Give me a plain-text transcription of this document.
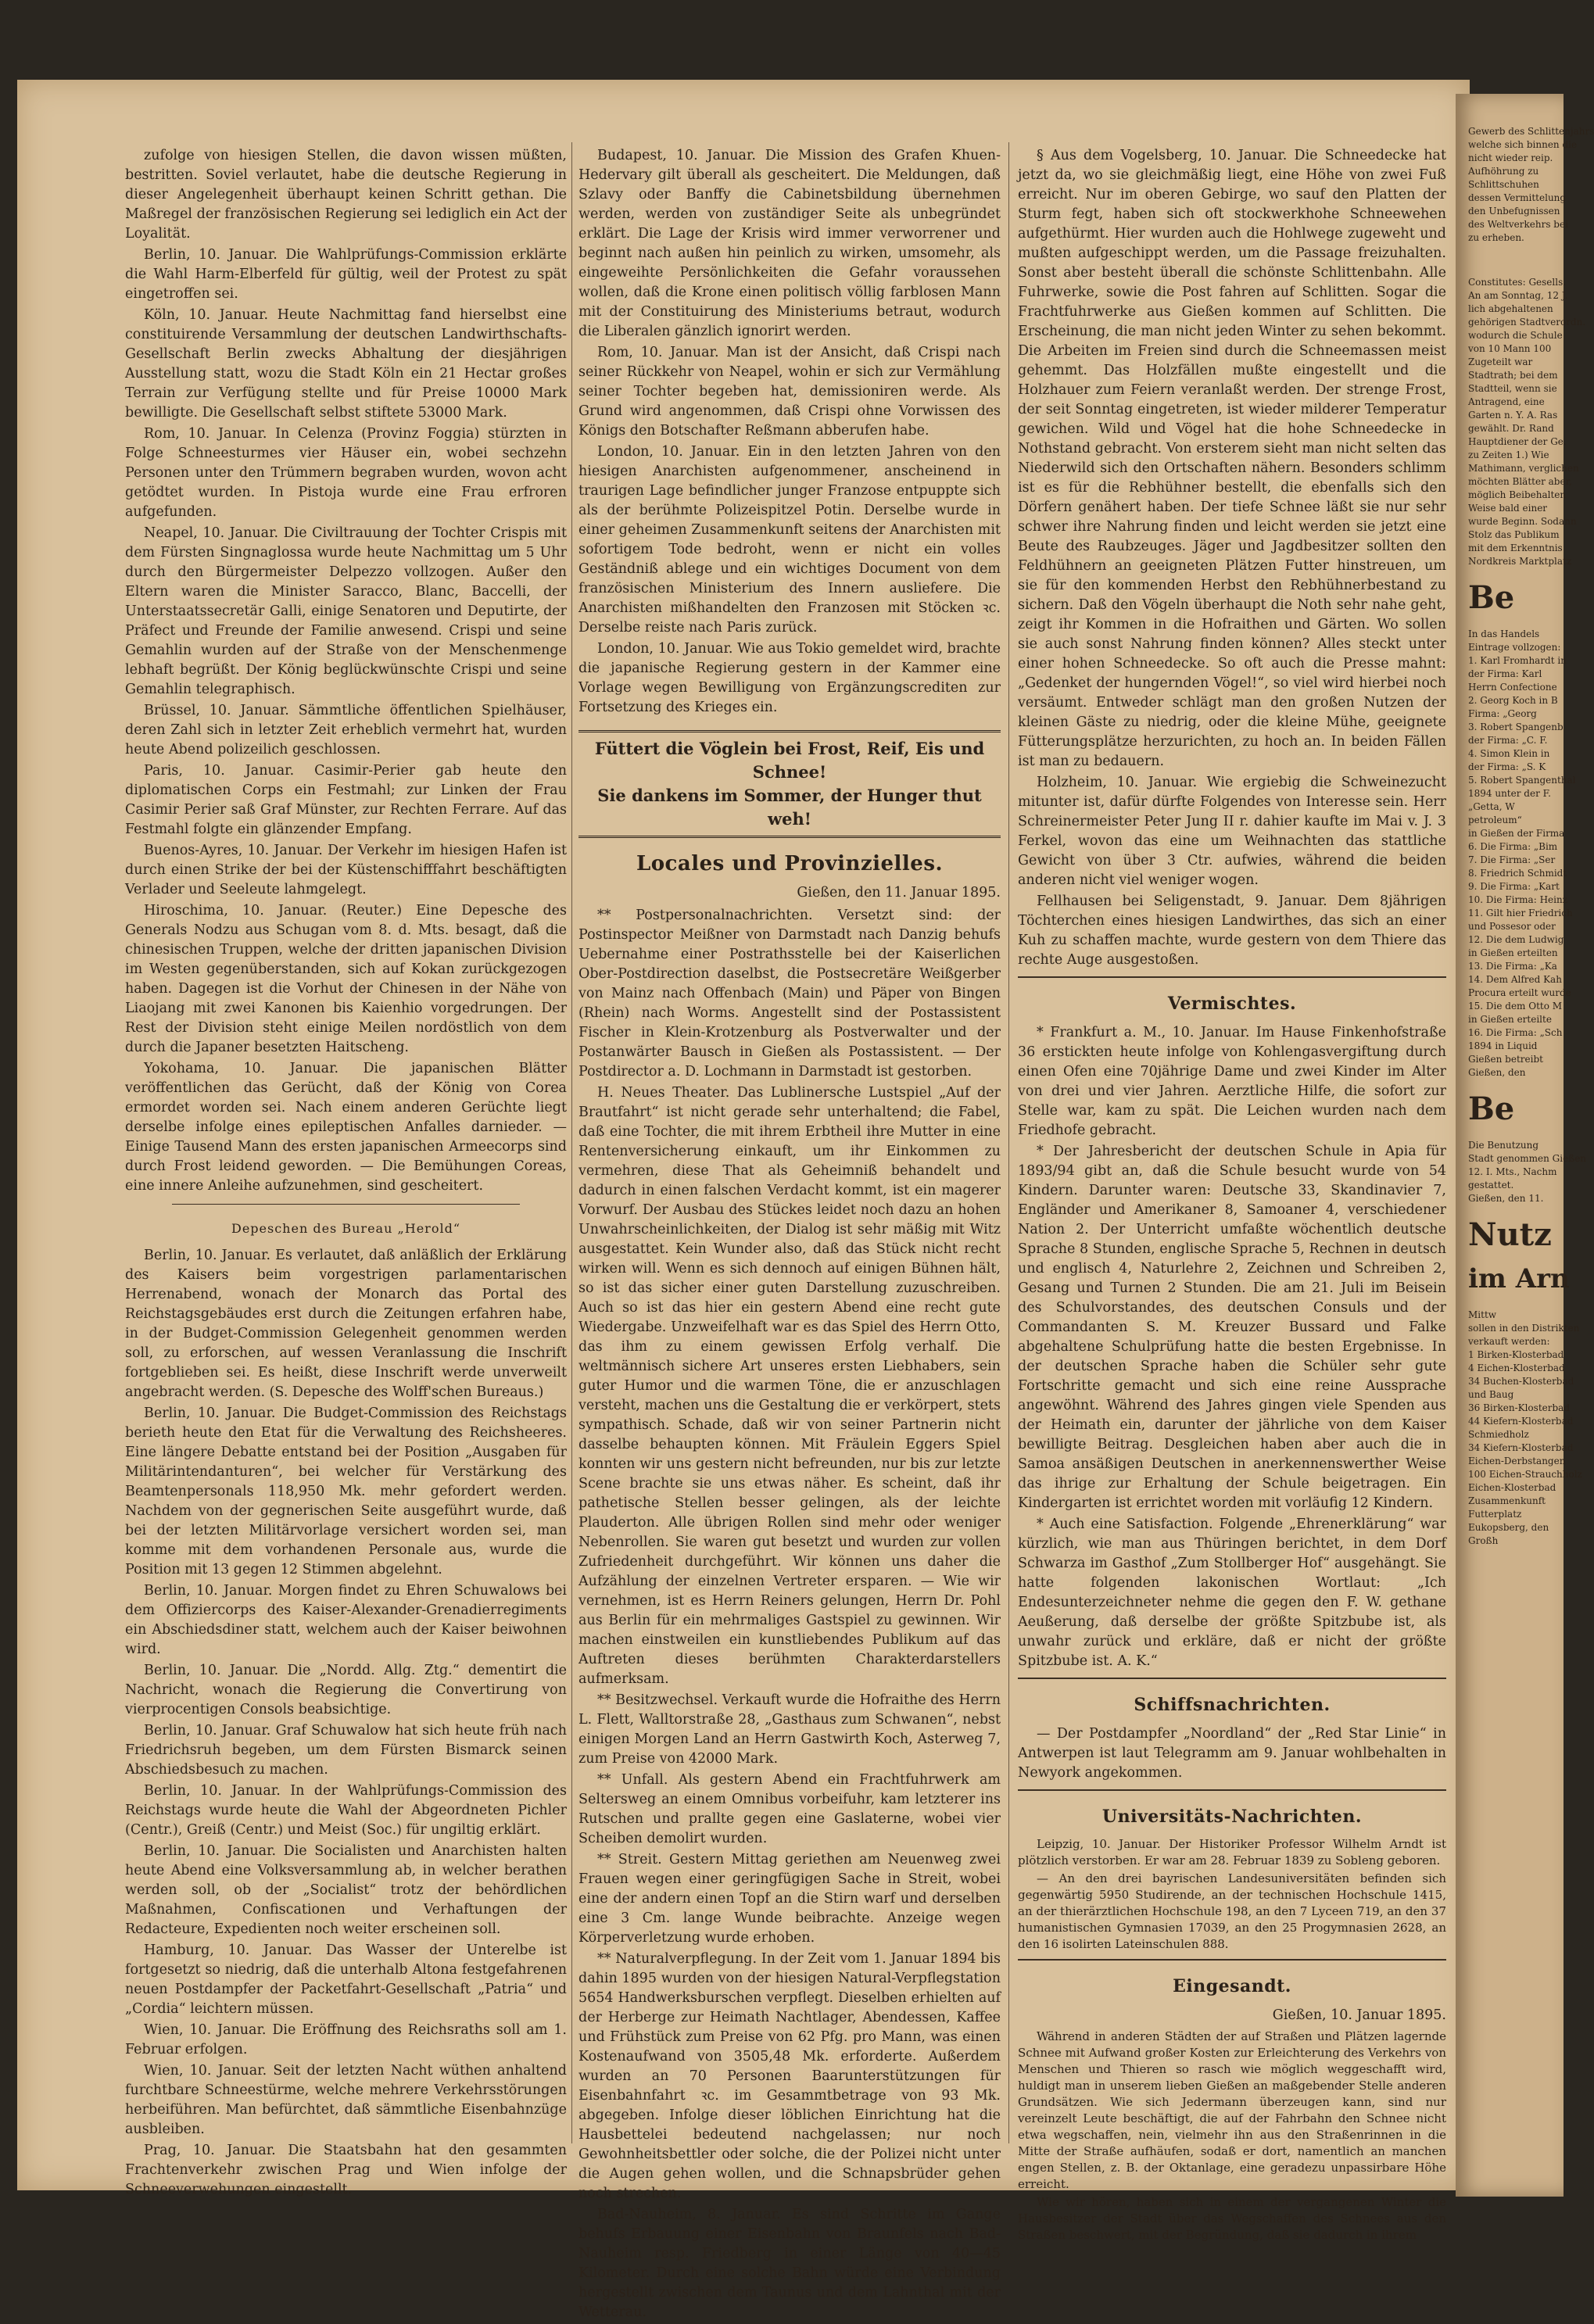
zufolge von hiesigen Stellen, die davon wissen müßten, bestritten. Soviel verlautet, habe die deutsche Regierung in dieser Angelegenheit überhaupt keinen Schritt gethan. Die Maßregel der französischen Regierung sei lediglich ein Act der Loyalität.

Berlin, 10. Januar. Die Wahlprüfungs-Commission erklärte die Wahl Harm-Elberfeld für gültig, weil der Protest zu spät eingetroffen sei.

Köln, 10. Januar. Heute Nachmittag fand hierselbst eine constituirende Versammlung der deutschen Landwirthschafts-Gesellschaft Berlin zwecks Abhaltung der diesjährigen Ausstellung statt, wozu die Stadt Köln ein 21 Hectar großes Terrain zur Verfügung stellte und für Preise 10000 Mark bewilligte. Die Gesellschaft selbst stiftete 53000 Mark.

Rom, 10. Januar. In Celenza (Provinz Foggia) stürzten in Folge Schneesturmes vier Häuser ein, wobei sechzehn Personen unter den Trümmern begraben wurden, wovon acht getödtet wurden. In Pistoja wurde eine Frau erfroren aufgefunden.

Neapel, 10. Januar. Die Civiltrauung der Tochter Crispis mit dem Fürsten Singnaglossa wurde heute Nachmittag um 5 Uhr durch den Bürgermeister Delpezzo vollzogen. Außer den Eltern waren die Minister Saracco, Blanc, Baccelli, der Unterstaatssecretär Galli, einige Senatoren und Deputirte, der Präfect und Freunde der Familie anwesend. Crispi und seine Gemahlin wurden auf der Straße von der Menschenmenge lebhaft begrüßt. Der König beglückwünschte Crispi und seine Gemahlin telegraphisch.

Brüssel, 10. Januar. Sämmtliche öffentlichen Spielhäuser, deren Zahl sich in letzter Zeit erheblich vermehrt hat, wurden heute Abend polizeilich geschlossen.

Paris, 10. Januar. Casimir-Perier gab heute den diplomatischen Corps ein Festmahl; zur Linken der Frau Casimir Perier saß Graf Münster, zur Rechten Ferrare. Auf das Festmahl folgte ein glänzender Empfang.

Buenos-Ayres, 10. Januar. Der Verkehr im hiesigen Hafen ist durch einen Strike der bei der Küstenschifffahrt beschäftigten Verlader und Seeleute lahmgelegt.

Hiroschima, 10. Januar. (Reuter.) Eine Depesche des Generals Nodzu aus Schugan vom 8. d. Mts. besagt, daß die chinesischen Truppen, welche der dritten japanischen Division im Westen gegenüberstanden, sich auf Kokan zurückgezogen haben. Dagegen ist die Vorhut der Chinesen in der Nähe von Liaojang mit zwei Kanonen bis Kaienhio vorgedrungen. Der Rest der Division steht einige Meilen nordöstlich von dem durch die Japaner besetzten Haitscheng.

Yokohama, 10. Januar. Die japanischen Blätter veröffentlichen das Gerücht, daß der König von Corea ermordet worden sei. Nach einem anderen Gerüchte liegt derselbe infolge eines epileptischen Anfalles darnieder. — Einige Tausend Mann des ersten japanischen Armeecorps sind durch Frost leidend geworden. — Die Bemühungen Coreas, eine innere Anleihe aufzunehmen, sind gescheitert.

Depeschen des Bureau „Herold“

Berlin, 10. Januar. Es verlautet, daß anläßlich der Erklärung des Kaisers beim vorgestrigen parlamentarischen Herrenabend, wonach der Monarch das Portal des Reichstagsgebäudes erst durch die Zeitungen erfahren habe, in der Budget-Commission Gelegenheit genommen werden soll, zu erforschen, auf wessen Veranlassung die Inschrift fortgeblieben sei. Es heißt, diese Inschrift werde unverweilt angebracht werden. (S. Depesche des Wolff'schen Bureaus.)

Berlin, 10. Januar. Die Budget-Commission des Reichstags berieth heute den Etat für die Verwaltung des Reichsheeres. Eine längere Debatte entstand bei der Position „Ausgaben für Militärintendanturen“, bei welcher für Verstärkung des Beamtenpersonals 118,950 Mk. mehr gefordert werden. Nachdem von der gegnerischen Seite ausgeführt wurde, daß bei der letzten Militärvorlage versichert worden sei, man komme mit dem vorhandenen Personale aus, wurde die Position mit 13 gegen 12 Stimmen abgelehnt.

Berlin, 10. Januar. Morgen findet zu Ehren Schuwalows bei dem Offiziercorps des Kaiser-Alexander-Grenadierregiments ein Abschiedsdiner statt, welchem auch der Kaiser beiwohnen wird.

Berlin, 10. Januar. Die „Nordd. Allg. Ztg.“ dementirt die Nachricht, wonach die Regierung die Convertirung von vierprocentigen Consols beabsichtige.

Berlin, 10. Januar. Graf Schuwalow hat sich heute früh nach Friedrichsruh begeben, um dem Fürsten Bismarck seinen Abschiedsbesuch zu machen.

Berlin, 10. Januar. In der Wahlprüfungs-Commission des Reichstags wurde heute die Wahl der Abgeordneten Pichler (Centr.), Greiß (Centr.) und Meist (Soc.) für ungiltig erklärt.

Berlin, 10. Januar. Die Socialisten und Anarchisten halten heute Abend eine Volksversammlung ab, in welcher berathen werden soll, ob der „Socialist“ trotz der behördlichen Maßnahmen, Confiscationen und Verhaftungen der Redacteure, Expedienten noch weiter erscheinen soll.

Hamburg, 10. Januar. Das Wasser der Unterelbe ist fortgesetzt so niedrig, daß die unterhalb Altona festgefahrenen neuen Postdampfer der Packetfahrt-Gesellschaft „Patria“ und „Cordia“ leichtern müssen.

Wien, 10. Januar. Die Eröffnung des Reichsraths soll am 1. Februar erfolgen.

Wien, 10. Januar. Seit der letzten Nacht wüthen anhaltend furchtbare Schneestürme, welche mehrere Verkehrsstörungen herbeiführen. Man befürchtet, daß sämmtliche Eisenbahnzüge ausbleiben.

Prag, 10. Januar. Die Staatsbahn hat den gesammten Frachtenverkehr zwischen Prag und Wien infolge der Schneeverwehungen eingestellt.

Budapest, 10. Januar. Die Mission des Grafen Khuen-Hedervary gilt überall als gescheitert. Die Meldungen, daß Szlavy oder Banffy die Cabinetsbildung übernehmen werden, werden von zuständiger Seite als unbegründet erklärt. Die Lage der Krisis wird immer verworrener und beginnt nach außen hin peinlich zu wirken, umsomehr, als eingeweihte Persönlichkeiten die Gefahr voraussehen wollen, daß die Krone einen politisch völlig farblosen Mann mit der Constituirung des Ministeriums betraut, wodurch die Liberalen gänzlich ignorirt werden.

Rom, 10. Januar. Man ist der Ansicht, daß Crispi nach seiner Rückkehr von Neapel, wohin er sich zur Vermählung seiner Tochter begeben hat, demissioniren werde. Als Grund wird angenommen, daß Crispi ohne Vorwissen des Königs den Botschafter Reßmann abberufen habe.

London, 10. Januar. Ein in den letzten Jahren von den hiesigen Anarchisten aufgenommener, anscheinend in traurigen Lage befindlicher junger Franzose entpuppte sich als der berühmte Polizeispitzel Potin. Derselbe wurde in einer geheimen Zusammenkunft seitens der Anarchisten mit sofortigem Tode bedroht, wenn er nicht ein volles Geständniß ablege und ein wichtiges Document von dem französischen Ministerium des Innern ausliefere. Die Anarchisten mißhandelten den Franzosen mit Stöcken ꝛc. Derselbe reiste nach Paris zurück.

London, 10. Januar. Wie aus Tokio gemeldet wird, brachte die japanische Regierung gestern in der Kammer eine Vorlage wegen Bewilligung von Ergänzungscrediten zur Fortsetzung des Krieges ein.

Füttert die Vöglein bei Frost, Reif, Eis und Schnee!
Sie dankens im Sommer, der Hunger thut weh!
Locales und Provinzielles.
Gießen, den 11. Januar 1895.

** Postpersonalnachrichten. Versetzt sind: der Postinspector Meißner von Darmstadt nach Danzig behufs Uebernahme einer Postrathsstelle bei der Kaiserlichen Ober-Postdirection daselbst, die Postsecretäre Weißgerber von Mainz nach Offenbach (Main) und Päper von Bingen (Rhein) nach Worms. Angestellt sind der Postassistent Fischer in Klein-Krotzenburg als Postverwalter und der Postanwärter Bausch in Gießen als Postassistent. — Der Postdirector a. D. Lochmann in Darmstadt ist gestorben.

H. Neues Theater. Das Lublinersche Lustspiel „Auf der Brautfahrt“ ist nicht gerade sehr unterhaltend; die Fabel, daß eine Tochter, die mit ihrem Erbtheil ihre Mutter in eine Rentenversicherung einkauft, um ihr Einkommen zu vermehren, diese That als Geheimniß behandelt und dadurch in einen falschen Verdacht kommt, ist ein magerer Vorwurf. Der Ausbau des Stückes leidet noch dazu an hohen Unwahrscheinlichkeiten, der Dialog ist sehr mäßig mit Witz ausgestattet. Kein Wunder also, daß das Stück nicht recht wirken will. Wenn es sich dennoch auf einigen Bühnen hält, so ist das sicher einer guten Darstellung zuzuschreiben. Auch so ist das hier ein gestern Abend eine recht gute Wiedergabe. Unzweifelhaft war es das Spiel des Herrn Otto, das ihm zu einem gewissen Erfolg verhalf. Die weltmännisch sichere Art unseres ersten Liebhabers, sein guter Humor und die warmen Töne, die er anzuschlagen versteht, machen uns die Gestaltung die er verkörpert, stets sympathisch. Schade, daß wir von seiner Partnerin nicht dasselbe behaupten können. Mit Fräulein Eggers Spiel konnten wir uns gestern nicht befreunden, nur bis zur letzte Scene brachte sie uns etwas näher. Es scheint, daß ihr pathetische Stellen besser gelingen, als der leichte Plauderton. Alle übrigen Rollen sind mehr oder weniger Nebenrollen. Sie waren gut besetzt und wurden zur vollen Zufriedenheit durchgeführt. Wir können uns daher die Aufzählung der einzelnen Vertreter ersparen. — Wie wir vernehmen, ist es Herrn Reiners gelungen, Herrn Dr. Pohl aus Berlin für ein mehrmaliges Gastspiel zu gewinnen. Wir machen einstweilen ein kunstliebendes Publikum auf das Auftreten dieses berühmten Charakterdarstellers aufmerksam.

** Besitzwechsel. Verkauft wurde die Hofraithe des Herrn L. Flett, Walltorstraße 28, „Gasthaus zum Schwanen“, nebst einigen Morgen Land an Herrn Gastwirth Koch, Asterweg 7, zum Preise von 42000 Mark.

** Unfall. Als gestern Abend ein Frachtfuhrwerk am Seltersweg an einem Omnibus vorbeifuhr, kam letzterer ins Rutschen und prallte gegen eine Gaslaterne, wobei vier Scheiben demolirt wurden.

** Streit. Gestern Mittag geriethen am Neuenweg zwei Frauen wegen einer geringfügigen Sache in Streit, wobei eine der andern einen Topf an die Stirn warf und derselben eine 3 Cm. lange Wunde beibrachte. Anzeige wegen Körperverletzung wurde erhoben.

** Naturalverpflegung. In der Zeit vom 1. Januar 1894 bis dahin 1895 wurden von der hiesigen Natural-Verpflegstation 5654 Handwerksburschen verpflegt. Dieselben erhielten auf der Herberge zur Heimath Nachtlager, Abendessen, Kaffee und Frühstück zum Preise von 62 Pfg. pro Mann, was einen Kostenaufwand von 3505,48 Mk. erforderte. Außerdem wurden an 70 Personen Baarunterstützungen für Eisenbahnfahrt ꝛc. im Gesammtbetrage von 93 Mk. abgegeben. Infolge dieser löblichen Einrichtung hat die Hausbettelei bedeutend nachgelassen; nur noch Gewohnheitsbettler oder solche, die der Polizei nicht unter die Augen gehen wollen, und die Schnapsbrüder gehen noch strechen.

Bad-Nauheim, 8. Januar. Es sind Schritte im Gange behufs Erbauung einer Eisenbahn von Braunfels nach Bad-Nauheim resp. Friedberg in einer Länge von 40—45 Kilometer. Durch eine solche Bahn würde eine Verbindung hergestellt zwischen dem Taunus und dem Lahnthal mit der Wetterau.

§ Aus dem Vogelsberg, 10. Januar. Die Schneedecke hat jetzt da, wo sie gleichmäßig liegt, eine Höhe von zwei Fuß erreicht. Nur im oberen Gebirge, wo sauf den Platten der Sturm fegt, haben sich oft stockwerkhohe Schneewehen aufgethürmt. Hier wurden auch die Hohlwege zugeweht und mußten aufgeschippt werden, um die Passage freizuhalten. Sonst aber besteht überall die schönste Schlittenbahn. Alle Fuhrwerke, sowie die Post fahren auf Schlitten. Sogar die Frachtfuhrwerke aus Gießen kommen auf Schlitten. Die Erscheinung, die man nicht jeden Winter zu sehen bekommt. Die Arbeiten im Freien sind durch die Schneemassen meist gehemmt. Das Holzfällen mußte eingestellt und die Holzhauer zum Feiern veranlaßt werden. Der strenge Frost, der seit Sonntag eingetreten, ist wieder milderer Temperatur gewichen. Wild und Vögel hat die hohe Schneedecke in Nothstand gebracht. Von ersterem sieht man nicht selten das Niederwild sich den Ortschaften nähern. Besonders schlimm ist es für die Rebhühner bestellt, die ebenfalls sich den Dörfern genähert haben. Der tiefe Schnee läßt sie nur sehr schwer ihre Nahrung finden und leicht werden sie jetzt eine Beute des Raubzeuges. Jäger und Jagdbesitzer sollten den Feldhühnern an geeigneten Plätzen Futter hinstreuen, um sie für den kommenden Herbst den Rebhühnerbestand zu sichern. Daß den Vögeln überhaupt die Noth sehr nahe geht, zeigt ihr Kommen in die Hofraithen und Gärten. Wo sollen sie auch sonst Nahrung finden können? Alles steckt unter einer hohen Schneedecke. So oft auch die Presse mahnt: „Gedenket der hungernden Vögel!“, so viel wird hierbei noch versäumt. Entweder schlägt man den großen Nutzen der kleinen Gäste zu niedrig, oder die kleine Mühe, geeignete Fütterungsplätze herzurichten, zu hoch an. In beiden Fällen ist man zu bedauern.

Holzheim, 10. Januar. Wie ergiebig die Schweinezucht mitunter ist, dafür dürfte Folgendes von Interesse sein. Herr Schreinermeister Peter Jung II r. dahier kaufte im Mai v. J. 3 Ferkel, wovon das eine um Weihnachten das stattliche Gewicht von über 3 Ctr. aufwies, während die beiden anderen nicht viel weniger wogen.

Fellhausen bei Seligenstadt, 9. Januar. Dem 8jährigen Töchterchen eines hiesigen Landwirthes, das sich an einer Kuh zu schaffen machte, wurde gestern von dem Thiere das rechte Auge ausgestoßen.

Vermischtes.

* Frankfurt a. M., 10. Januar. Im Hause Finkenhofstraße 36 erstickten heute infolge von Kohlengasvergiftung durch einen Ofen eine 70jährige Dame und zwei Kinder im Alter von drei und vier Jahren. Aerztliche Hilfe, die sofort zur Stelle war, kam zu spät. Die Leichen wurden nach dem Friedhofe gebracht.

* Der Jahresbericht der deutschen Schule in Apia für 1893/94 gibt an, daß die Schule besucht wurde von 54 Kindern. Darunter waren: Deutsche 33, Skandinavier 7, Engländer und Amerikaner 8, Samoaner 4, verschiedener Nation 2. Der Unterricht umfaßte wöchentlich deutsche Sprache 8 Stunden, englische Sprache 5, Rechnen in deutsch und englisch 4, Naturlehre 2, Zeichnen und Schreiben 2, Gesang und Turnen 2 Stunden. Die am 21. Juli im Beisein des Schulvorstandes, des deutschen Consuls und der Commandanten S. M. Kreuzer Bussard und Falke abgehaltene Schulprüfung hatte die besten Ergebnisse. In der deutschen Sprache haben die Schüler sehr gute Fortschritte gemacht und sich eine reine Aussprache angewöhnt. Während des Jahres gingen viele Spenden aus der Heimath ein, darunter der jährliche von dem Kaiser bewilligte Beitrag. Desgleichen haben aber auch die in Samoa ansäßigen Deutschen in anerkennenswerther Weise das ihrige zur Erhaltung der Schule beigetragen. Ein Kindergarten ist errichtet worden mit vorläufig 12 Kindern.

* Auch eine Satisfaction. Folgende „Ehrenerklärung“ war kürzlich, wie man aus Thüringen berichtet, in dem Dorf Schwarza im Gasthof „Zum Stollberger Hof“ ausgehängt. Sie hatte folgenden lakonischen Wortlaut: „Ich Endesunterzeichneter nehme die gegen den F. W. gethane Aeußerung, daß derselbe der größte Spitzbube ist, als unwahr zurück und erkläre, daß er nicht der größte Spitzbube ist. A. K.“

Schiffsnachrichten.

— Der Postdampfer „Noordland“ der „Red Star Linie“ in Antwerpen ist laut Telegramm am 9. Januar wohlbehalten in Newyork angekommen.

Universitäts-Nachrichten.

Leipzig, 10. Januar. Der Historiker Professor Wilhelm Arndt ist plötzlich verstorben. Er war am 28. Februar 1839 zu Sobleng geboren.

— An den drei bayrischen Landesuniversitäten befinden sich gegenwärtig 5950 Studirende, an der technischen Hochschule 1415, an der thierärztlichen Hochschule 198, an den 7 Lyceen 719, an den 37 humanistischen Gymnasien 17039, an den 25 Progymnasien 2628, an den 16 isolirten Lateinschulen 888.

Eingesandt.
Gießen, 10. Januar 1895.

Während in anderen Städten der auf Straßen und Plätzen lagernde Schnee mit Aufwand großer Kosten zur Erleichterung des Verkehrs von Menschen und Thieren so rasch wie möglich weggeschafft wird, huldigt man in unserem lieben Gießen an maßgebender Stelle anderen Grundsätzen. Wie sich Jedermann überzeugen kann, sind nur vereinzelt Leute beschäftigt, die auf der Fahrbahn den Schnee nicht etwa wegschaffen, nein, vielmehr ihn aus den Straßenrinnen in die Mitte der Straße aufhäufen, sodaß er dort, namentlich an manchen engen Stellen, z. B. der Oktanlage, eine geradezu unpassirbare Höhe erreicht.

Wie wir hören, haben sich in einem der vergangenen Winter die Hausbesitzer der Stadt über das Wegschaffen des Schnees aus den Straßen beschwert, mit der Begründung, daß sie dadurch in ihrem

Gewerb des Schlittenjahrs
welche sich binnen die
nicht wieder reip.
Aufhöhrung zu
Schlittschuhen
dessen Vermittelung
den Unbefugnissen
des Weltverkehrs bei
zu erheben.
Constitutes: Gesells.
An am Sonntag, 12 J.
lich abgehaltenen
gehörigen Stadtverordn.
wodurch die Schule
von 10 Mann 100
Zugeteilt war
Stadtrath; bei dem
Stadtteil, wenn sie
Antragend, eine
Garten n. Y. A. Ras
gewählt. Dr. Rand
Hauptdiener der Ge.
zu Zeiten 1.) Wie
Mathimann, verglichen
möchten Blätter aber,
möglich Beibehalten
Weise bald einer
wurde Beginn. Sodann
Stolz das Publikum
mit dem Erkenntnis
Nordkreis Marktplatz
Be
In das Handels
Eintrage vollzogen:
1. Karl Fromhardt in
der Firma: Karl
Herrn Confectione
2. Georg Koch in B
Firma: „Georg
3. Robert Spangenb
der Firma: „C. F.
4. Simon Klein in
der Firma: „S. K
5. Robert Spangenthal
1894 unter der F.
„Getta, W
petroleum“
in Gießen der Firma
6. Die Firma: „Bim
7. Die Firma: „Ser
8. Friedrich Schmidt
9. Die Firma: „Kart
10. Die Firma: Heinz
11. Gilt hier Friedrich
und Possesor oder
12. Die dem Ludwig
in Gießen erteilten
13. Die Firma: „Ka
14. Dem Alfred Kah
Procura erteilt wurde
15. Die dem Otto M
in Gießen erteilte
16. Die Firma: „Sch
1894 in Liquid
Gießen betreibt
Gießen, den
Be
Die Benutzung
Stadt genommen Gießen
12. I. Mts., Nachm
gestattet.
Gießen, den 11.
Nutz
im Arn
Mittw
sollen in den Distrikten
verkauft werden:
1 Birken-Klosterbad
4 Eichen-Klosterbad
34 Buchen-Klosterbad
und Baug
36 Birken-Klosterbad
44 Kiefern-Klosterbad
Schmiedholz
34 Kiefern-Klosterbad
Eichen-Derbstangen
100 Eichen-Strauchholz
Eichen-Klosterbad
Zusammenkunft
Futterplatz
Eukopsberg, den
Großh
